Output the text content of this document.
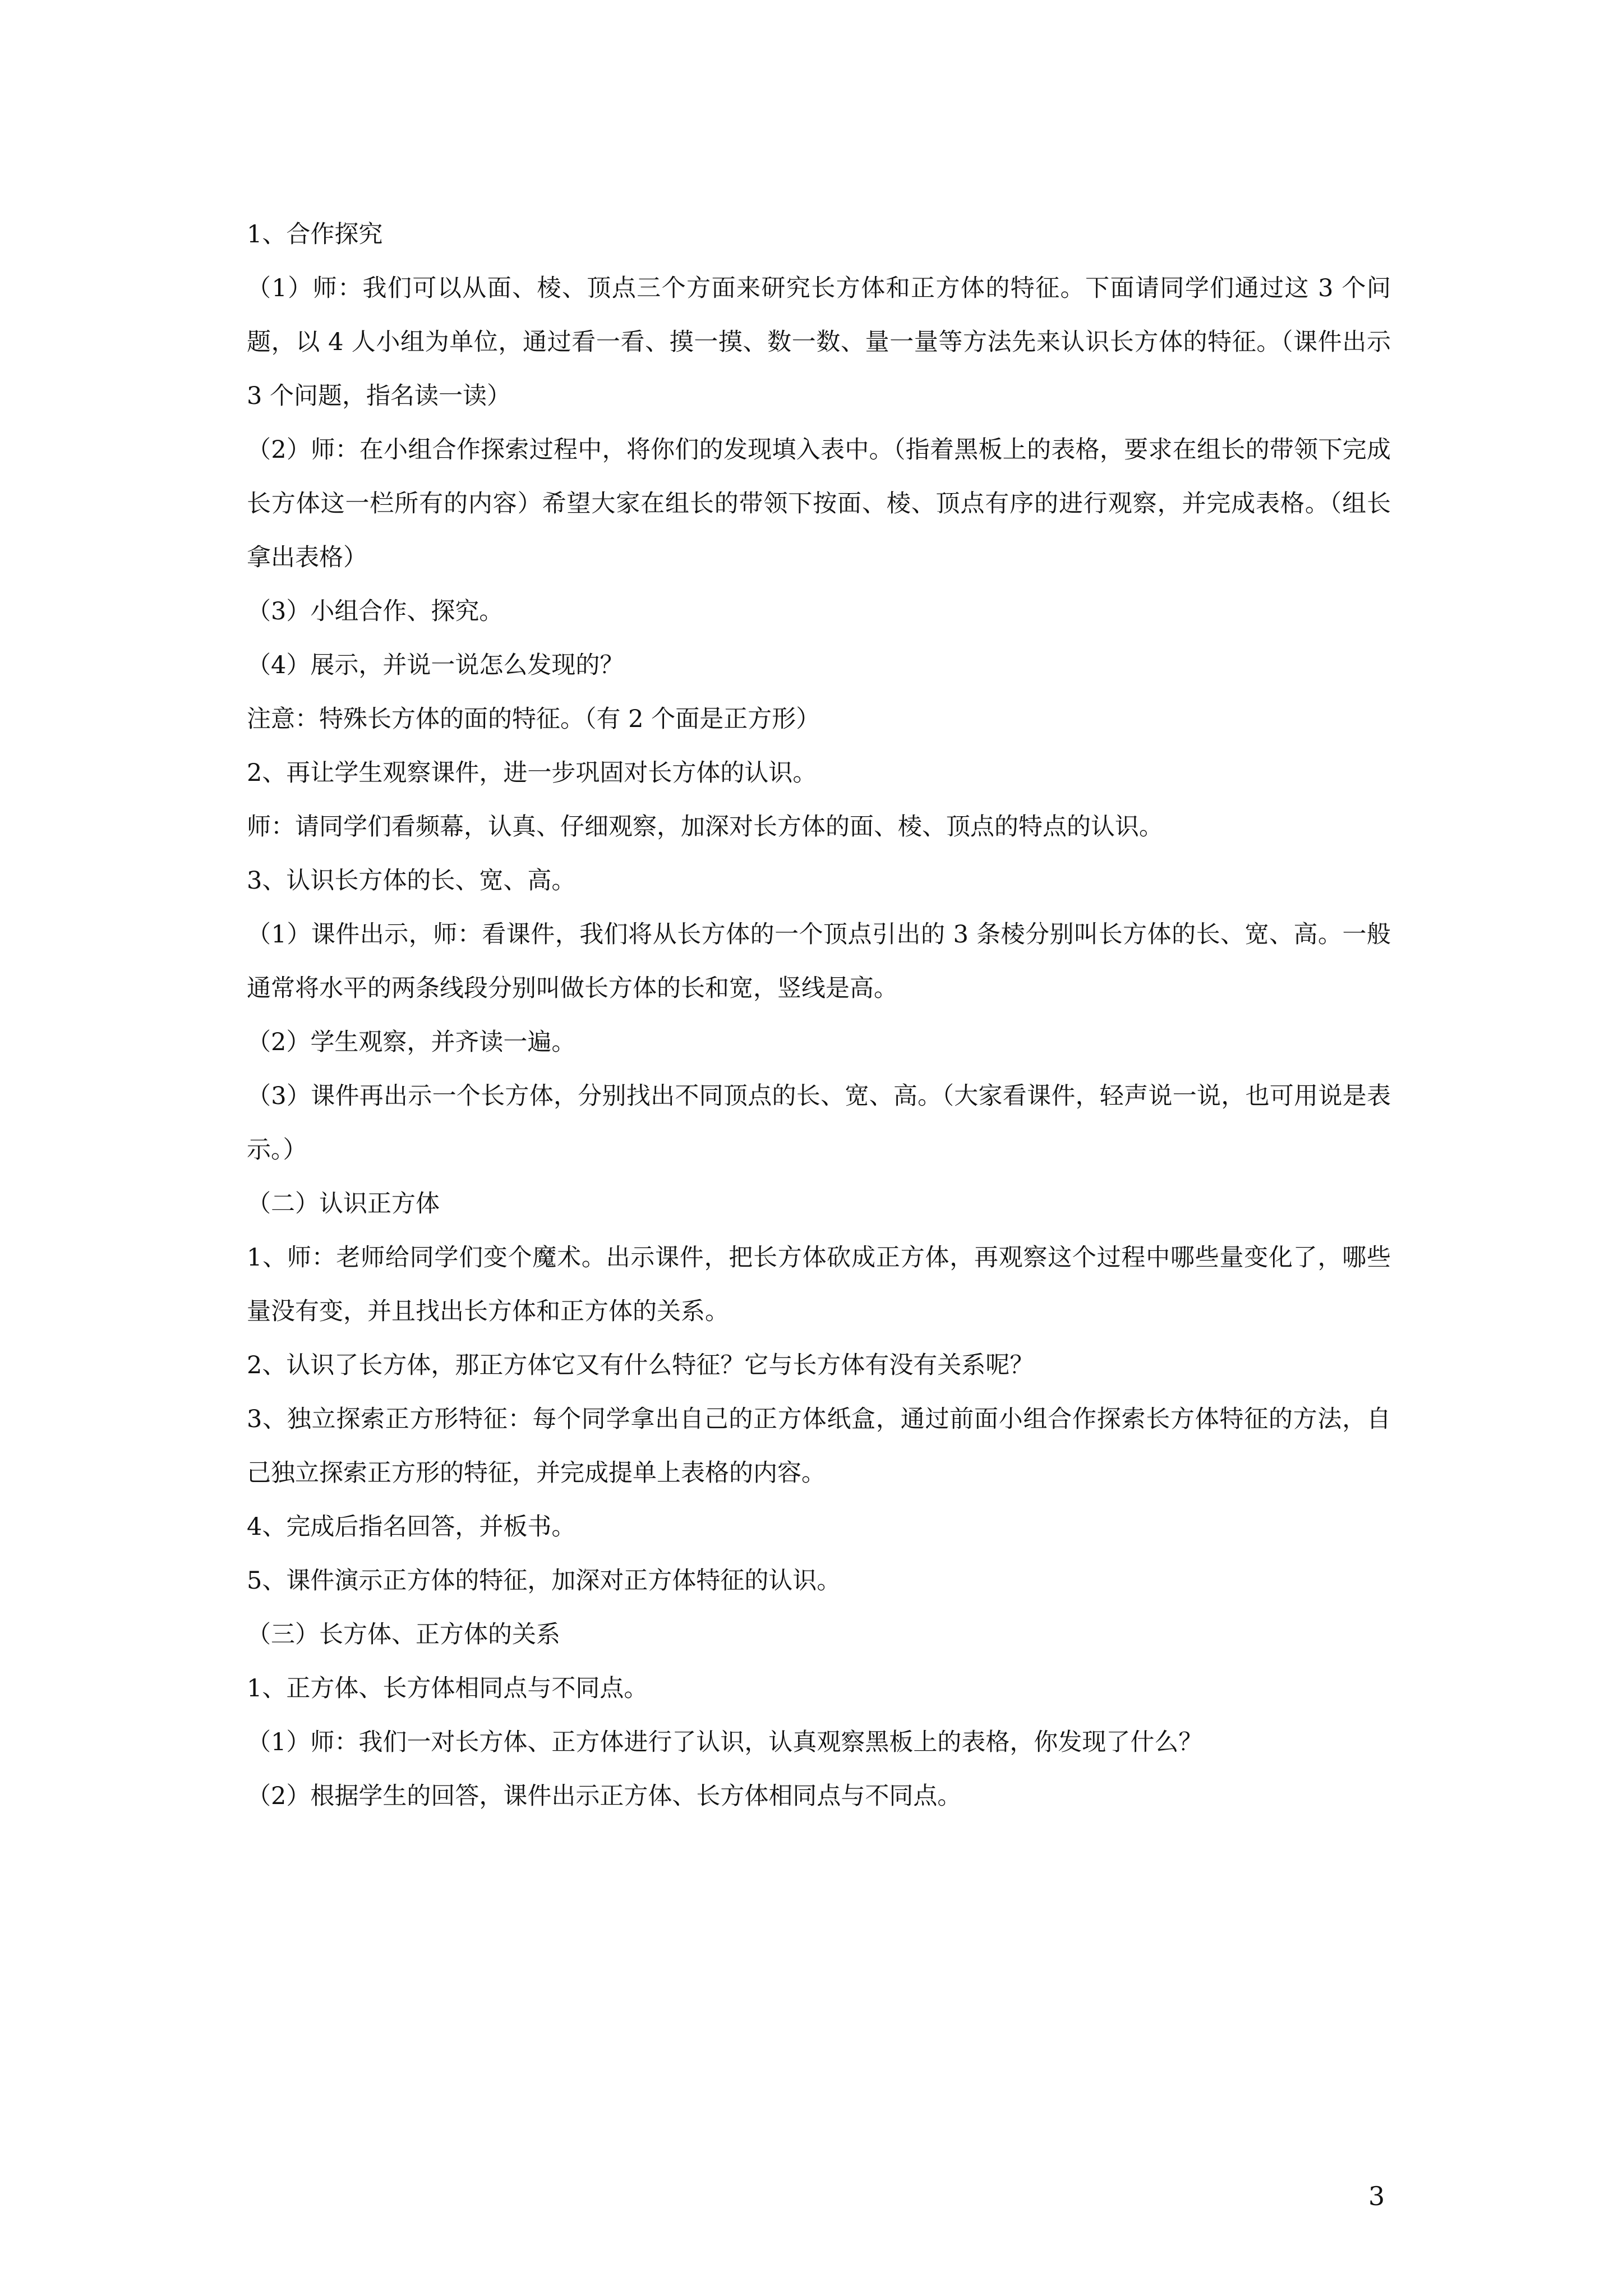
1、合作探究

（1）师：我们可以从面、棱、顶点三个方面来研究长方体和正方体的特征。下面请同学们通过这 3 个问题，以 4 人小组为单位，通过看一看、摸一摸、数一数、量一量等方法先来认识长方体的特征。（课件出示 3 个问题，指名读一读）

（2）师：在小组合作探索过程中，将你们的发现填入表中。（指着黑板上的表格，要求在组长的带领下完成长方体这一栏所有的内容）希望大家在组长的带领下按面、棱、顶点有序的进行观察，并完成表格。（组长拿出表格）

（3）小组合作、探究。

（4）展示，并说一说怎么发现的？

注意：特殊长方体的面的特征。（有 2 个面是正方形）

2、再让学生观察课件，进一步巩固对长方体的认识。

师：请同学们看频幕，认真、仔细观察，加深对长方体的面、棱、顶点的特点的认识。

3、认识长方体的长、宽、高。

（1）课件出示，师：看课件，我们将从长方体的一个顶点引出的 3 条棱分别叫长方体的长、宽、高。一般通常将水平的两条线段分别叫做长方体的长和宽，竖线是高。

（2）学生观察，并齐读一遍。

（3）课件再出示一个长方体，分别找出不同顶点的长、宽、高。（大家看课件，轻声说一说，也可用说是表示。）

（二）认识正方体

1、师：老师给同学们变个魔术。出示课件，把长方体砍成正方体，再观察这个过程中哪些量变化了，哪些量没有变，并且找出长方体和正方体的关系。

2、认识了长方体，那正方体它又有什么特征？它与长方体有没有关系呢？

3、独立探索正方形特征：每个同学拿出自己的正方体纸盒，通过前面小组合作探索长方体特征的方法，自己独立探索正方形的特征，并完成提单上表格的内容。

4、完成后指名回答，并板书。

5、课件演示正方体的特征，加深对正方体特征的认识。

（三）长方体、正方体的关系

1、正方体、长方体相同点与不同点。

（1）师：我们一对长方体、正方体进行了认识，认真观察黑板上的表格，你发现了什么？

（2）根据学生的回答，课件出示正方体、长方体相同点与不同点。

3
